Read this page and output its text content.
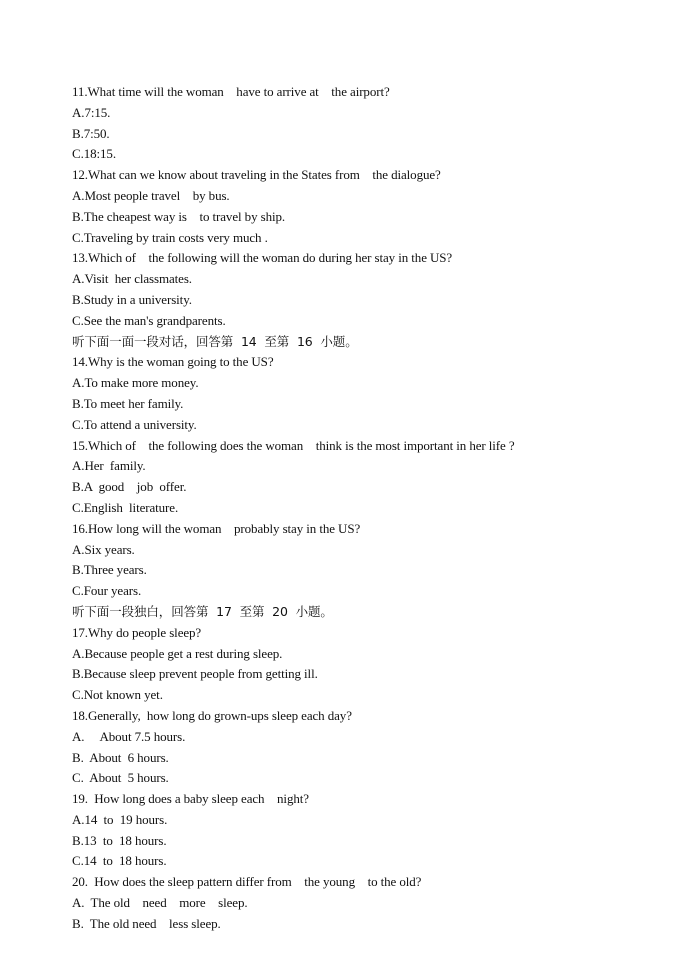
11.What time will the woman    have to arrive at    the airport?

A.7:15.

B.7:50.

C.18:15.

12.What can we know about traveling in the States from    the dialogue?

A.Most people travel    by bus.

B.The cheapest way is    to travel by ship.

C.Traveling by train costs very much .

13.Which of    the following will the woman do during her stay in the US?

A.Visit  her classmates.

B.Study in a university.

C.See the man's grandparents.

听下面一面一段对话，回答第  14  至第  16  小题。

14.Why is the woman going to the US?

A.To make more money.

B.To meet her family.

C.To attend a university.

15.Which of    the following does the woman    think is the most important in her life ?

A.Her  family.

B.A  good    job  offer.

C.English  literature.

16.How long will the woman    probably stay in the US?

A.Six years.

B.Three years.

C.Four years.

听下面一段独白，回答第  17  至第  20  小题。

17.Why do people sleep?

A.Because people get a rest during sleep.

B.Because sleep prevent people from getting ill.

C.Not known yet.

18.Generally,  how long do grown-ups sleep each day?

A.     About 7.5 hours.

B.  About  6 hours.

C.  About  5 hours.

19.  How long does a baby sleep each    night?

A.14  to  19 hours.

B.13  to  18 hours.

C.14  to  18 hours.

20.  How does the sleep pattern differ from    the young    to the old?

A.  The old    need    more    sleep.

B.  The old need    less sleep.
